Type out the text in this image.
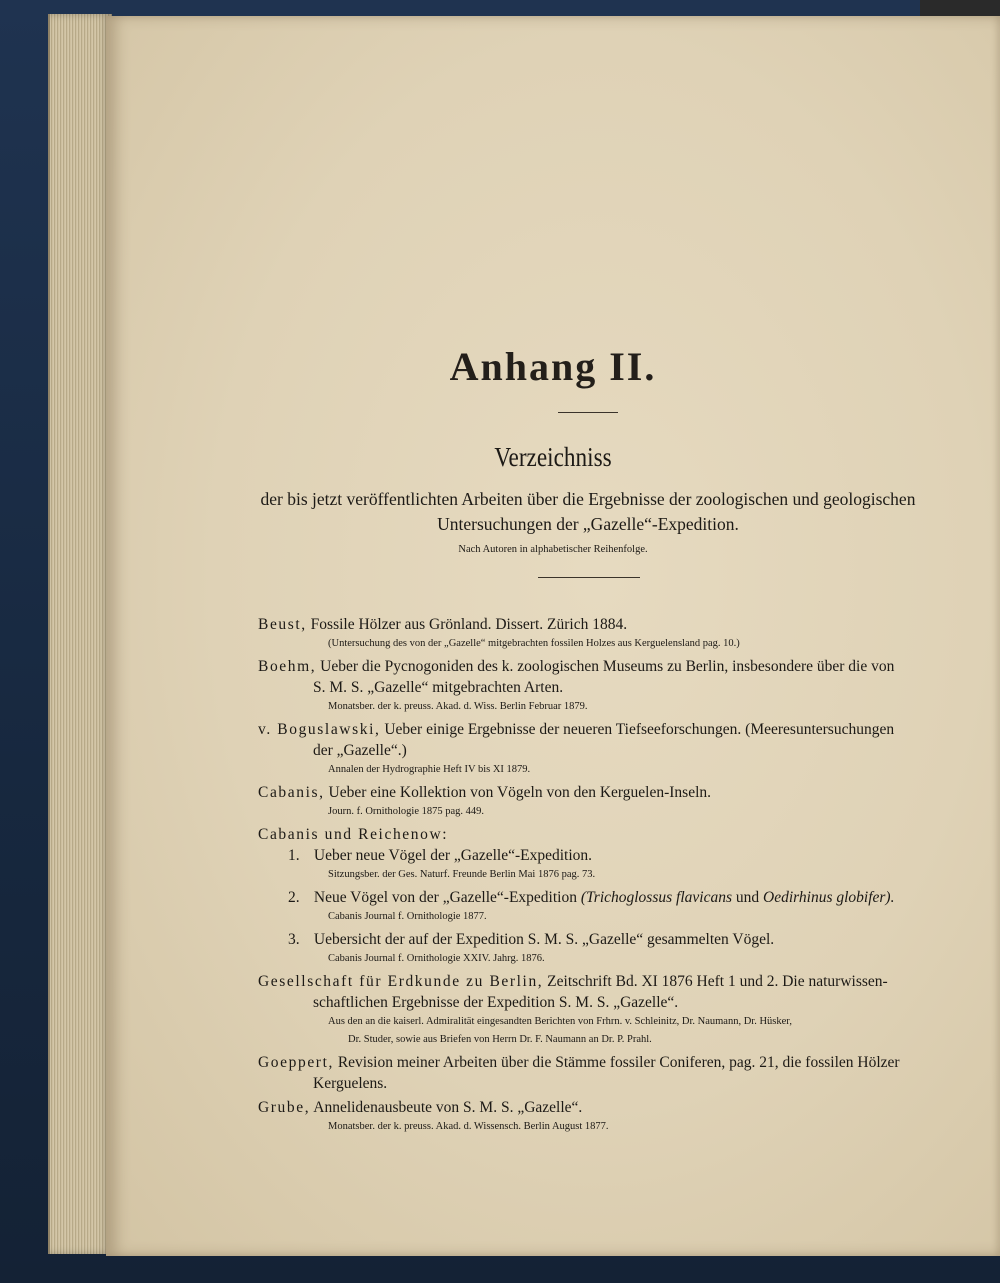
Anhang II.
Verzeichniss
der bis jetzt veröffentlichten Arbeiten über die Ergebnisse der zoologischen und geologischen Untersuchungen der „Gazelle“-Expedition.
Nach Autoren in alphabetischer Reihenfolge.
Beust, Fossile Hölzer aus Grönland. Dissert. Zürich 1884.
(Untersuchung des von der „Gazelle“ mitgebrachten fossilen Holzes aus Kerguelensland pag. 10.)
Boehm, Ueber die Pycnogoniden des k. zoologischen Museums zu Berlin, insbesondere über die von
S. M. S. „Gazelle“ mitgebrachten Arten.
Monatsber. der k. preuss. Akad. d. Wiss. Berlin Februar 1879.
v. Boguslawski, Ueber einige Ergebnisse der neueren Tiefseeforschungen. (Meeresuntersuchungen
der „Gazelle“.)
Annalen der Hydrographie Heft IV bis XI 1879.
Cabanis, Ueber eine Kollektion von Vögeln von den Kerguelen-Inseln.
Journ. f. Ornithologie 1875 pag. 449.
Cabanis und Reichenow:
1. Ueber neue Vögel der „Gazelle“-Expedition.
Sitzungsber. der Ges. Naturf. Freunde Berlin Mai 1876 pag. 73.
2. Neue Vögel von der „Gazelle“-Expedition (Trichoglossus flavicans und Oedirhinus globifer).
Cabanis Journal f. Ornithologie 1877.
3. Uebersicht der auf der Expedition S. M. S. „Gazelle“ gesammelten Vögel.
Cabanis Journal f. Ornithologie XXIV. Jahrg. 1876.
Gesellschaft für Erdkunde zu Berlin, Zeitschrift Bd. XI 1876 Heft 1 und 2. Die naturwissen-
schaftlichen Ergebnisse der Expedition S. M. S. „Gazelle“.
Aus den an die kaiserl. Admiralität eingesandten Berichten von Frhrn. v. Schleinitz, Dr. Naumann, Dr. Hüsker,
Dr. Studer, sowie aus Briefen von Herrn Dr. F. Naumann an Dr. P. Prahl.
Goeppert, Revision meiner Arbeiten über die Stämme fossiler Coniferen, pag. 21, die fossilen Hölzer
Kerguelens.
Grube, Annelidenausbeute von S. M. S. „Gazelle“.
Monatsber. der k. preuss. Akad. d. Wissensch. Berlin August 1877.
